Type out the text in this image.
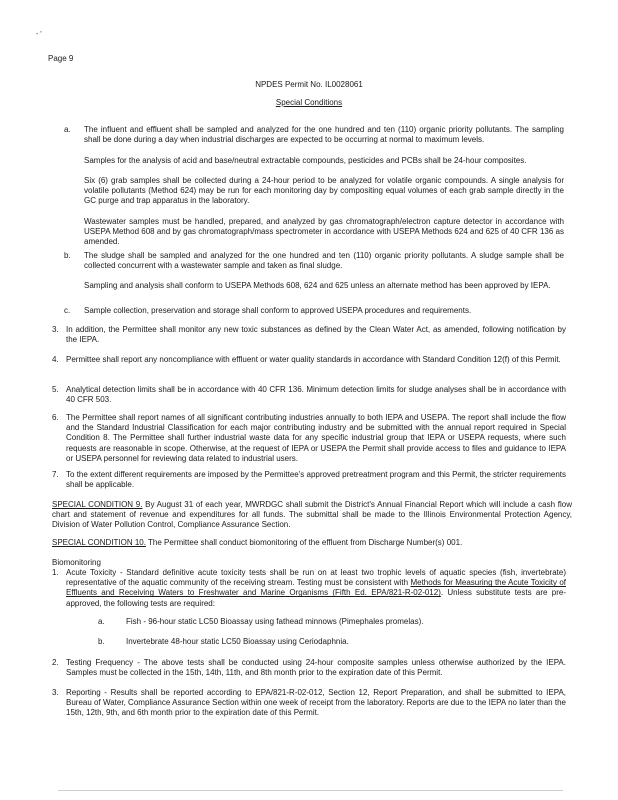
- '
Page 9
NPDES Permit No. IL0028061
Special Conditions
a. The influent and effluent shall be sampled and analyzed for the one hundred and ten (110) organic priority pollutants. The sampling shall be done during a day when industrial discharges are expected to be occurring at normal to maximum levels.
Samples for the analysis of acid and base/neutral extractable compounds, pesticides and PCBs shall be 24-hour composites.
Six (6) grab samples shall be collected during a 24-hour period to be analyzed for volatile organic compounds. A single analysis for volatile pollutants (Method 624) may be run for each monitoring day by compositing equal volumes of each grab sample directly in the GC purge and trap apparatus in the laboratory.
Wastewater samples must be handled, prepared, and analyzed by gas chromatograph/electron capture detector in accordance with USEPA Method 608 and by gas chromatograph/mass spectrometer in accordance with USEPA Methods 624 and 625 of 40 CFR 136 as amended.
b. The sludge shall be sampled and analyzed for the one hundred and ten (110) organic priority pollutants. A sludge sample shall be collected concurrent with a wastewater sample and taken as final sludge.
Sampling and analysis shall conform to USEPA Methods 608, 624 and 625 unless an alternate method has been approved by IEPA.
c. Sample collection, preservation and storage shall conform to approved USEPA procedures and requirements.
3. In addition, the Permittee shall monitor any new toxic substances as defined by the Clean Water Act, as amended, following notification by the IEPA.
4. Permittee shall report any noncompliance with effluent or water quality standards in accordance with Standard Condition 12(f) of this Permit.
5. Analytical detection limits shall be in accordance with 40 CFR 136. Minimum detection limits for sludge analyses shall be in accordance with 40 CFR 503.
6. The Permittee shall report names of all significant contributing industries annually to both IEPA and USEPA. The report shall include the flow and the Standard Industrial Classification for each major contributing industry and be submitted with the annual report required in Special Condition 8. The Permittee shall further industrial waste data for any specific industrial group that IEPA or USEPA requests, where such requests are reasonable in scope. Otherwise, at the request of IEPA or USEPA the Permit shall provide access to files and guidance to IEPA or USEPA personnel for reviewing data related to industrial users.
7. To the extent different requirements are imposed by the Permittee's approved pretreatment program and this Permit, the stricter requirements shall be applicable.
SPECIAL CONDITION 9. By August 31 of each year, MWRDGC shall submit the District's Annual Financial Report which will include a cash flow chart and statement of revenue and expenditures for all funds. The submittal shall be made to the Illinois Environmental Protection Agency, Division of Water Pollution Control, Compliance Assurance Section.
SPECIAL CONDITION 10. The Permittee shall conduct biomonitoring of the effluent from Discharge Number(s) 001.
Biomonitoring
1. Acute Toxicity - Standard definitive acute toxicity tests shall be run on at least two trophic levels of aquatic species (fish, invertebrate) representative of the aquatic community of the receiving stream. Testing must be consistent with Methods for Measuring the Acute Toxicity of Effluents and Receiving Waters to Freshwater and Marine Organisms (Fifth Ed. EPA/821-R-02-012). Unless substitute tests are pre-approved, the following tests are required:
a.	Fish - 96-hour static LC50 Bioassay using fathead minnows (Pimephales promelas).
b.	Invertebrate 48-hour static LC50 Bioassay using Ceriodaphnia.
2. Testing Frequency - The above tests shall be conducted using 24-hour composite samples unless otherwise authorized by the IEPA. Samples must be collected in the 15th, 14th, 11th, and 8th month prior to the expiration date of this Permit.
3. Reporting - Results shall be reported according to EPA/821-R-02-012, Section 12, Report Preparation, and shall be submitted to IEPA, Bureau of Water, Compliance Assurance Section within one week of receipt from the laboratory. Reports are due to the IEPA no later than the 15th, 12th, 9th, and 6th month prior to the expiration date of this Permit.
